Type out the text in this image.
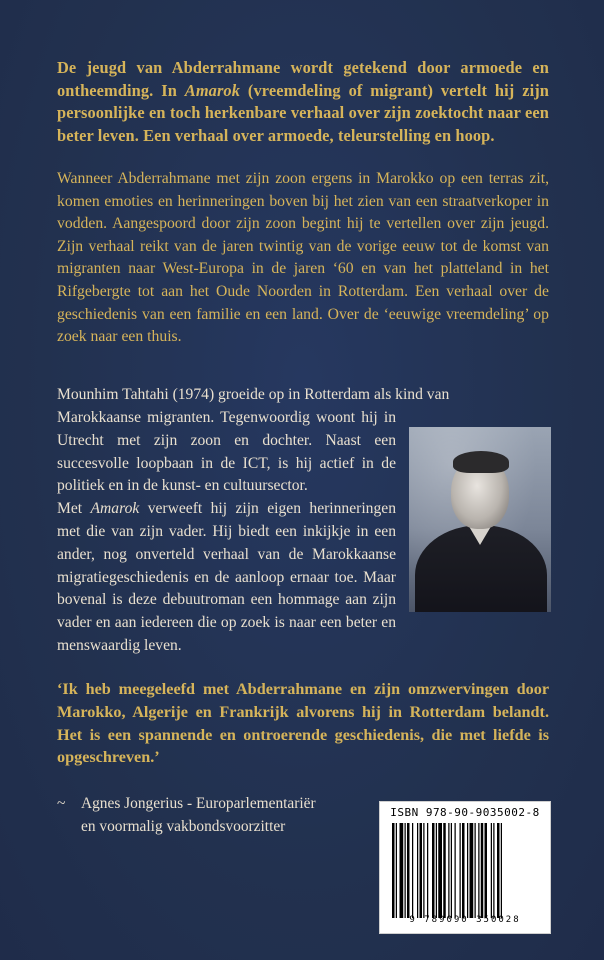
De jeugd van Abderrahmane wordt getekend door armoede en ontheemding. In Amarok (vreemdeling of migrant) vertelt hij zijn persoonlijke en toch herkenbare verhaal over zijn zoektocht naar een beter leven. Een verhaal over armoede, teleurstelling en hoop.
Wanneer Abderrahmane met zijn zoon ergens in Marokko op een terras zit, komen emoties en herinneringen boven bij het zien van een straatverkoper in vodden. Aangespoord door zijn zoon begint hij te vertellen over zijn jeugd. Zijn verhaal reikt van de jaren twintig van de vorige eeuw tot de komst van migranten naar West-Europa in de jaren ‘60 en van het platteland in het Rifgebergte tot aan het Oude Noorden in Rotterdam. Een verhaal over de geschiedenis van een familie en een land. Over de ‘eeuwige vreemdeling’ op zoek naar een thuis.
Mounhim Tahtahi (1974) groeide op in Rotterdam als kind van
Marokkaanse migranten. Tegenwoordig woont hij in Utrecht met zijn zoon en dochter. Naast een succesvolle loopbaan in de ICT, is hij actief in de politiek en in de kunst- en cultuursector.
Met Amarok verweeft hij zijn eigen herinneringen met die van zijn vader. Hij biedt een inkijkje in een ander, nog onverteld verhaal van de Marokkaanse migratiegeschiedenis en de aanloop ernaar toe. Maar bovenal is deze debuutroman een hommage aan zijn vader en aan iedereen die op zoek is naar een beter en menswaardig leven.
‘Ik heb meegeleefd met Abderrahmane en zijn omzwervingen door Marokko, Algerije en Frankrijk alvorens hij in Rotterdam belandt. Het is een spannende en ontroerende geschiedenis, die met liefde is opgeschreven.’
~ Agnes Jongerius - Europarlementariër
en voormalig vakbondsvoorzitter
ISBN 978-90-9035002-8
9 789090 350028
